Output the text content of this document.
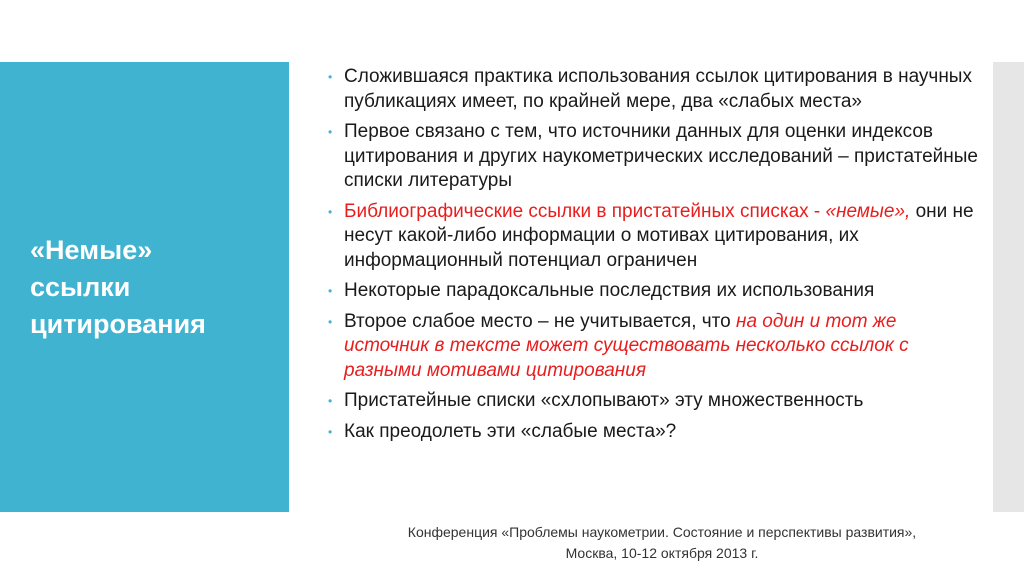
«Немые»
ссылки
цитирования
• Сложившаяся практика использования ссылок цитирования в научных публикациях имеет, по крайней мере, два «слабых места»
• Первое связано с тем, что источники данных для оценки индексов цитирования и других наукометрических исследований – пристатейные списки литературы
• Библиографические ссылки в пристатейных списках - «немые», они не несут какой-либо информации о мотивах цитирования, их информационный потенциал ограничен
• Некоторые парадоксальные последствия их использования
• Второе слабое место – не учитывается, что на один и тот же источник в тексте может существовать несколько ссылок с разными мотивами цитирования
• Пристатейные списки «схлопывают» эту множественность
• Как преодолеть эти «слабые места»?
Конференция «Проблемы наукометрии. Состояние и перспективы развития»,
Москва, 10-12 октября 2013 г.
